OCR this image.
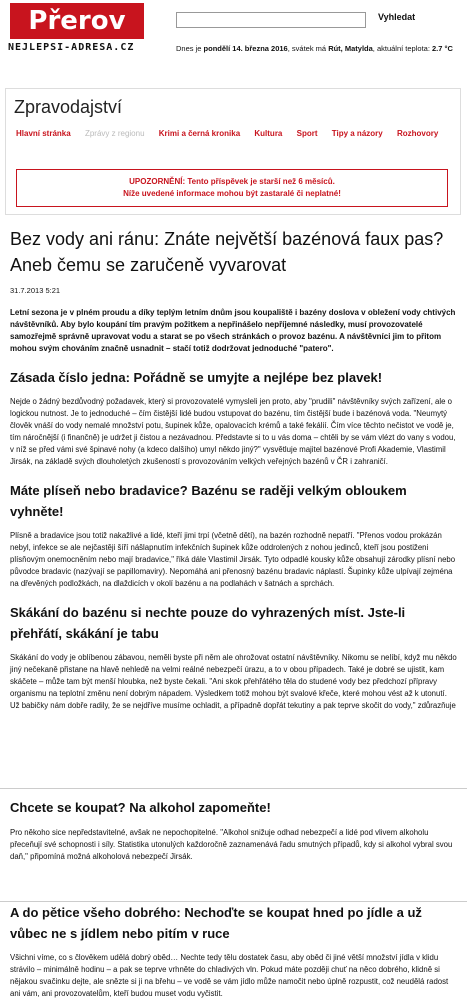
Přerov
NEJLEPSI-ADRESA.CZ
Vyhledat
Dnes je pondělí 14. března 2016, svátek má Rút, Matylda, aktuální teplota: 2.7 °C
Zpravodajství
Hlavní stránka Zprávy z regionu Krimi a černá kronika Kultura Sport Tipy a názory Rozhovory
UPOZORNĚNÍ: Tento příspěvek je starší než 6 měsíců.
Níže uvedené informace mohou být zastaralé či neplatné!
Bez vody ani ránu: Znáte největší bazénová faux pas? Aneb čemu se zaručeně vyvarovat

31.7.2013 5:21

Letní sezona je v plném proudu a díky teplým letním dnům jsou koupaliště i bazény doslova v obležení vody chtivých návštěvníků. Aby bylo koupání tím pravým požitkem a nepřinášelo nepříjemné následky, musí provozovatelé samozřejmě správně upravovat vodu a starat se po všech stránkách o provoz bazénu. A návštěvníci jim to přitom mohou svým chováním značně usnadnit – stačí totiž dodržovat jednoduché "patero".

Zásada číslo jedna: Pořádně se umyjte a nejlépe bez plavek!

Nejde o žádný bezdůvodný požadavek, který si provozovatelé vymysleli jen proto, aby "prudili" návštěvníky svých zařízení, ale o logickou nutnost. Je to jednoduché – čím čistější lidé budou vstupovat do bazénu, tím čistější bude i bazénová voda. "Neumytý člověk vnáší do vody nemalé množství potu, šupinek kůže, opalovacích krémů a také fekálií. Čím více těchto nečistot ve vodě je, tím náročnější (i finančně) je udržet ji čistou a nezávadnou. Představte si to u vás doma – chtěli by se vám vlézt do vany s vodou, v níž se před vámi své špinavé nohy (a kdeco dalšího) umyl někdo jiný?" vysvětluje majitel bazénové Profi Akademie, Vlastimil Jirsák, na základě svých dlouholetých zkušeností s provozováním velkých veřejných bazénů v ČR i zahraničí.

Máte plíseň nebo bradavice? Bazénu se raději velkým obloukem vyhněte!

Plísně a bradavice jsou totiž nakažlivé a lidé, kteří jimi trpí (včetně dětí), na bazén rozhodně nepatří. "Přenos vodou prokázán nebyl, infekce se ale nejčastěji šíří nášlapnutím infekčních šupinek kůže oddrolených z nohou jedinců, kteří jsou postiženi plísňovým onemocněním nebo mají bradavice," říká dále Vlastimil Jirsák. Tyto odpadlé kousky kůže obsahují zárodky plísní nebo původce bradavic (nazývají se papillomaviry). Nepomáhá ani přenosný bazénu bradavic náplastí. Šupinky kůže ulpívají zejména na dřevěných podložkách, na dlaždicích v okolí bazénu a na podlahách v šatnách a sprchách.

Skákání do bazénu si nechte pouze do vyhrazených míst. Jste-li přehřátí, skákání je tabu

Skákání do vody je oblíbenou zábavou, neměli byste při něm ale ohrožovat ostatní návštěvníky. Nikomu se nelíbí, když mu někdo jiný nečekaně přistane na hlavě nehledě na velmi reálné nebezpečí úrazu, a to v obou případech. Také je dobré se ujistit, kam skáčete – může tam být menší hloubka, než byste čekali. "Ani skok přehřátého těla do studené vody bez předchozí přípravy organismu na teplotní změnu není dobrým nápadem. Výsledkem totiž mohou být svalové křeče, které mohou vést až k utonutí. Už babičky nám dobře radily, že se nejdříve musíme ochladit, a případně dopřát tekutiny a pak teprve skočit do vody," zdůrazňuje

Chcete se koupat? Na alkohol zapomeňte!

Pro někoho sice nepředstavitelné, avšak ne nepochopitelné. "Alkohol snižuje odhad nebezpečí a lidé pod vlivem alkoholu přeceňují své schopnosti i síly. Statistika utonulých každoročně zaznamenává řadu smutných případů, kdy si alkohol vybral svou daň," připomíná možná alkoholová nebezpečí Jirsák.

A do pětice všeho dobrého: Nechoďte se koupat hned po jídle a už vůbec ne s jídlem nebo pitím v ruce

Všichni víme, co s člověkem udělá dobrý oběd… Nechte tedy tělu dostatek času, aby oběd či jiné větší množství jídla v klidu strávilo – minimálně hodinu – a pak se teprve vrhněte do chladivých vln. Pokud máte později chuť na něco dobrého, klidně si nějakou svačinku dejte, ale snězte si ji na břehu – ve vodě se vám jídlo může namočit nebo úplně rozpustit, což neudělá radost ani vám, ani provozovatelům, kteří budou muset vodu vyčistit.
